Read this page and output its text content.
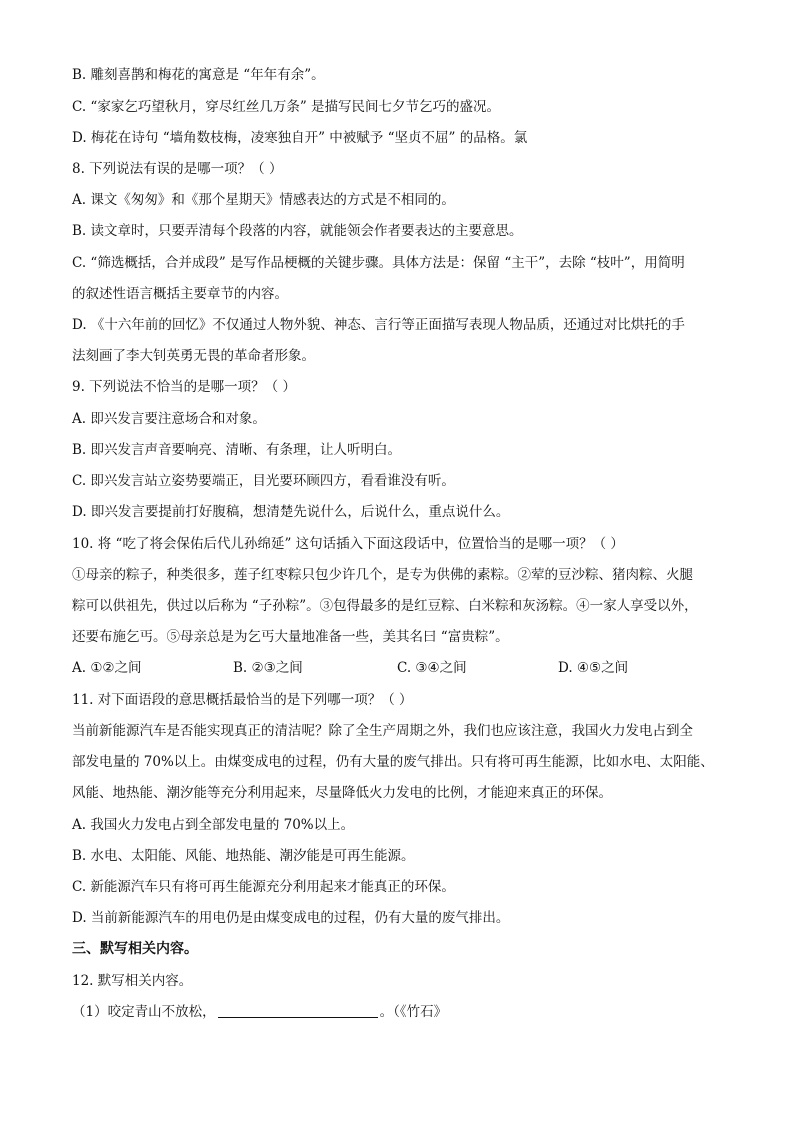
B. 雕刻喜鹊和梅花的寓意是 “年年有余”。
C. “家家乞巧望秋月，穿尽红丝几万条” 是描写民间七夕节乞巧的盛况。
D. 梅花在诗句 “墙角数枝梅，凌寒独自开” 中被赋予 “坚贞不屈” 的品格。氯
8. 下列说法有误的是哪一项？（ ）
A. 课文《匆匆》和《那个星期天》情感表达的方式是不相同的。
B. 读文章时，只要弄清每个段落的内容，就能领会作者要表达的主要意思。
C. “筛选概括，合并成段” 是写作品梗概的关键步骤。具体方法是：保留 “主干”，去除 “枝叶”，用简明
的叙述性语言概括主要章节的内容。
D. 《十六年前的回忆》不仅通过人物外貌、神态、言行等正面描写表现人物品质，还通过对比烘托的手
法刻画了李大钊英勇无畏的革命者形象。
9. 下列说法不恰当的是哪一项？（ ）
A. 即兴发言要注意场合和对象。
B. 即兴发言声音要响亮、清晰、有条理，让人听明白。
C. 即兴发言站立姿势要端正，目光要环顾四方，看看谁没有听。
D. 即兴发言要提前打好腹稿，想清楚先说什么，后说什么，重点说什么。
10. 将 “吃了将会保佑后代儿孙绵延” 这句话插入下面这段话中，位置恰当的是哪一项？（ ）
①母亲的粽子，种类很多，莲子红枣粽只包少许几个，是专为供佛的素粽。②荤的豆沙粽、猪肉粽、火腿
粽可以供祖先，供过以后称为 “子孙粽”。③包得最多的是红豆粽、白米粽和灰汤粽。④一家人享受以外，
还要布施乞丐。⑤母亲总是为乞丐大量地准备一些，美其名曰 “富贵粽”。
A. ①②之间	B. ②③之间	C. ③④之间	D. ④⑤之间
11. 对下面语段的意思概括最恰当的是下列哪一项？（ ）
当前新能源汽车是否能实现真正的清洁呢？除了全生产周期之外，我们也应该注意，我国火力发电占到全
部发电量的 70%以上。由煤变成电的过程，仍有大量的废气排出。只有将可再生能源，比如水电、太阳能、
风能、地热能、潮汐能等充分利用起来，尽量降低火力发电的比例，才能迎来真正的环保。
A. 我国火力发电占到全部发电量的 70%以上。
B. 水电、太阳能、风能、地热能、潮汐能是可再生能源。
C. 新能源汽车只有将可再生能源充分利用起来才能真正的环保。
D. 当前新能源汽车的用电仍是由煤变成电的过程，仍有大量的废气排出。
三、默写相关内容。
12. 默写相关内容。
（1）咬定青山不放松，	。（《竹石》
